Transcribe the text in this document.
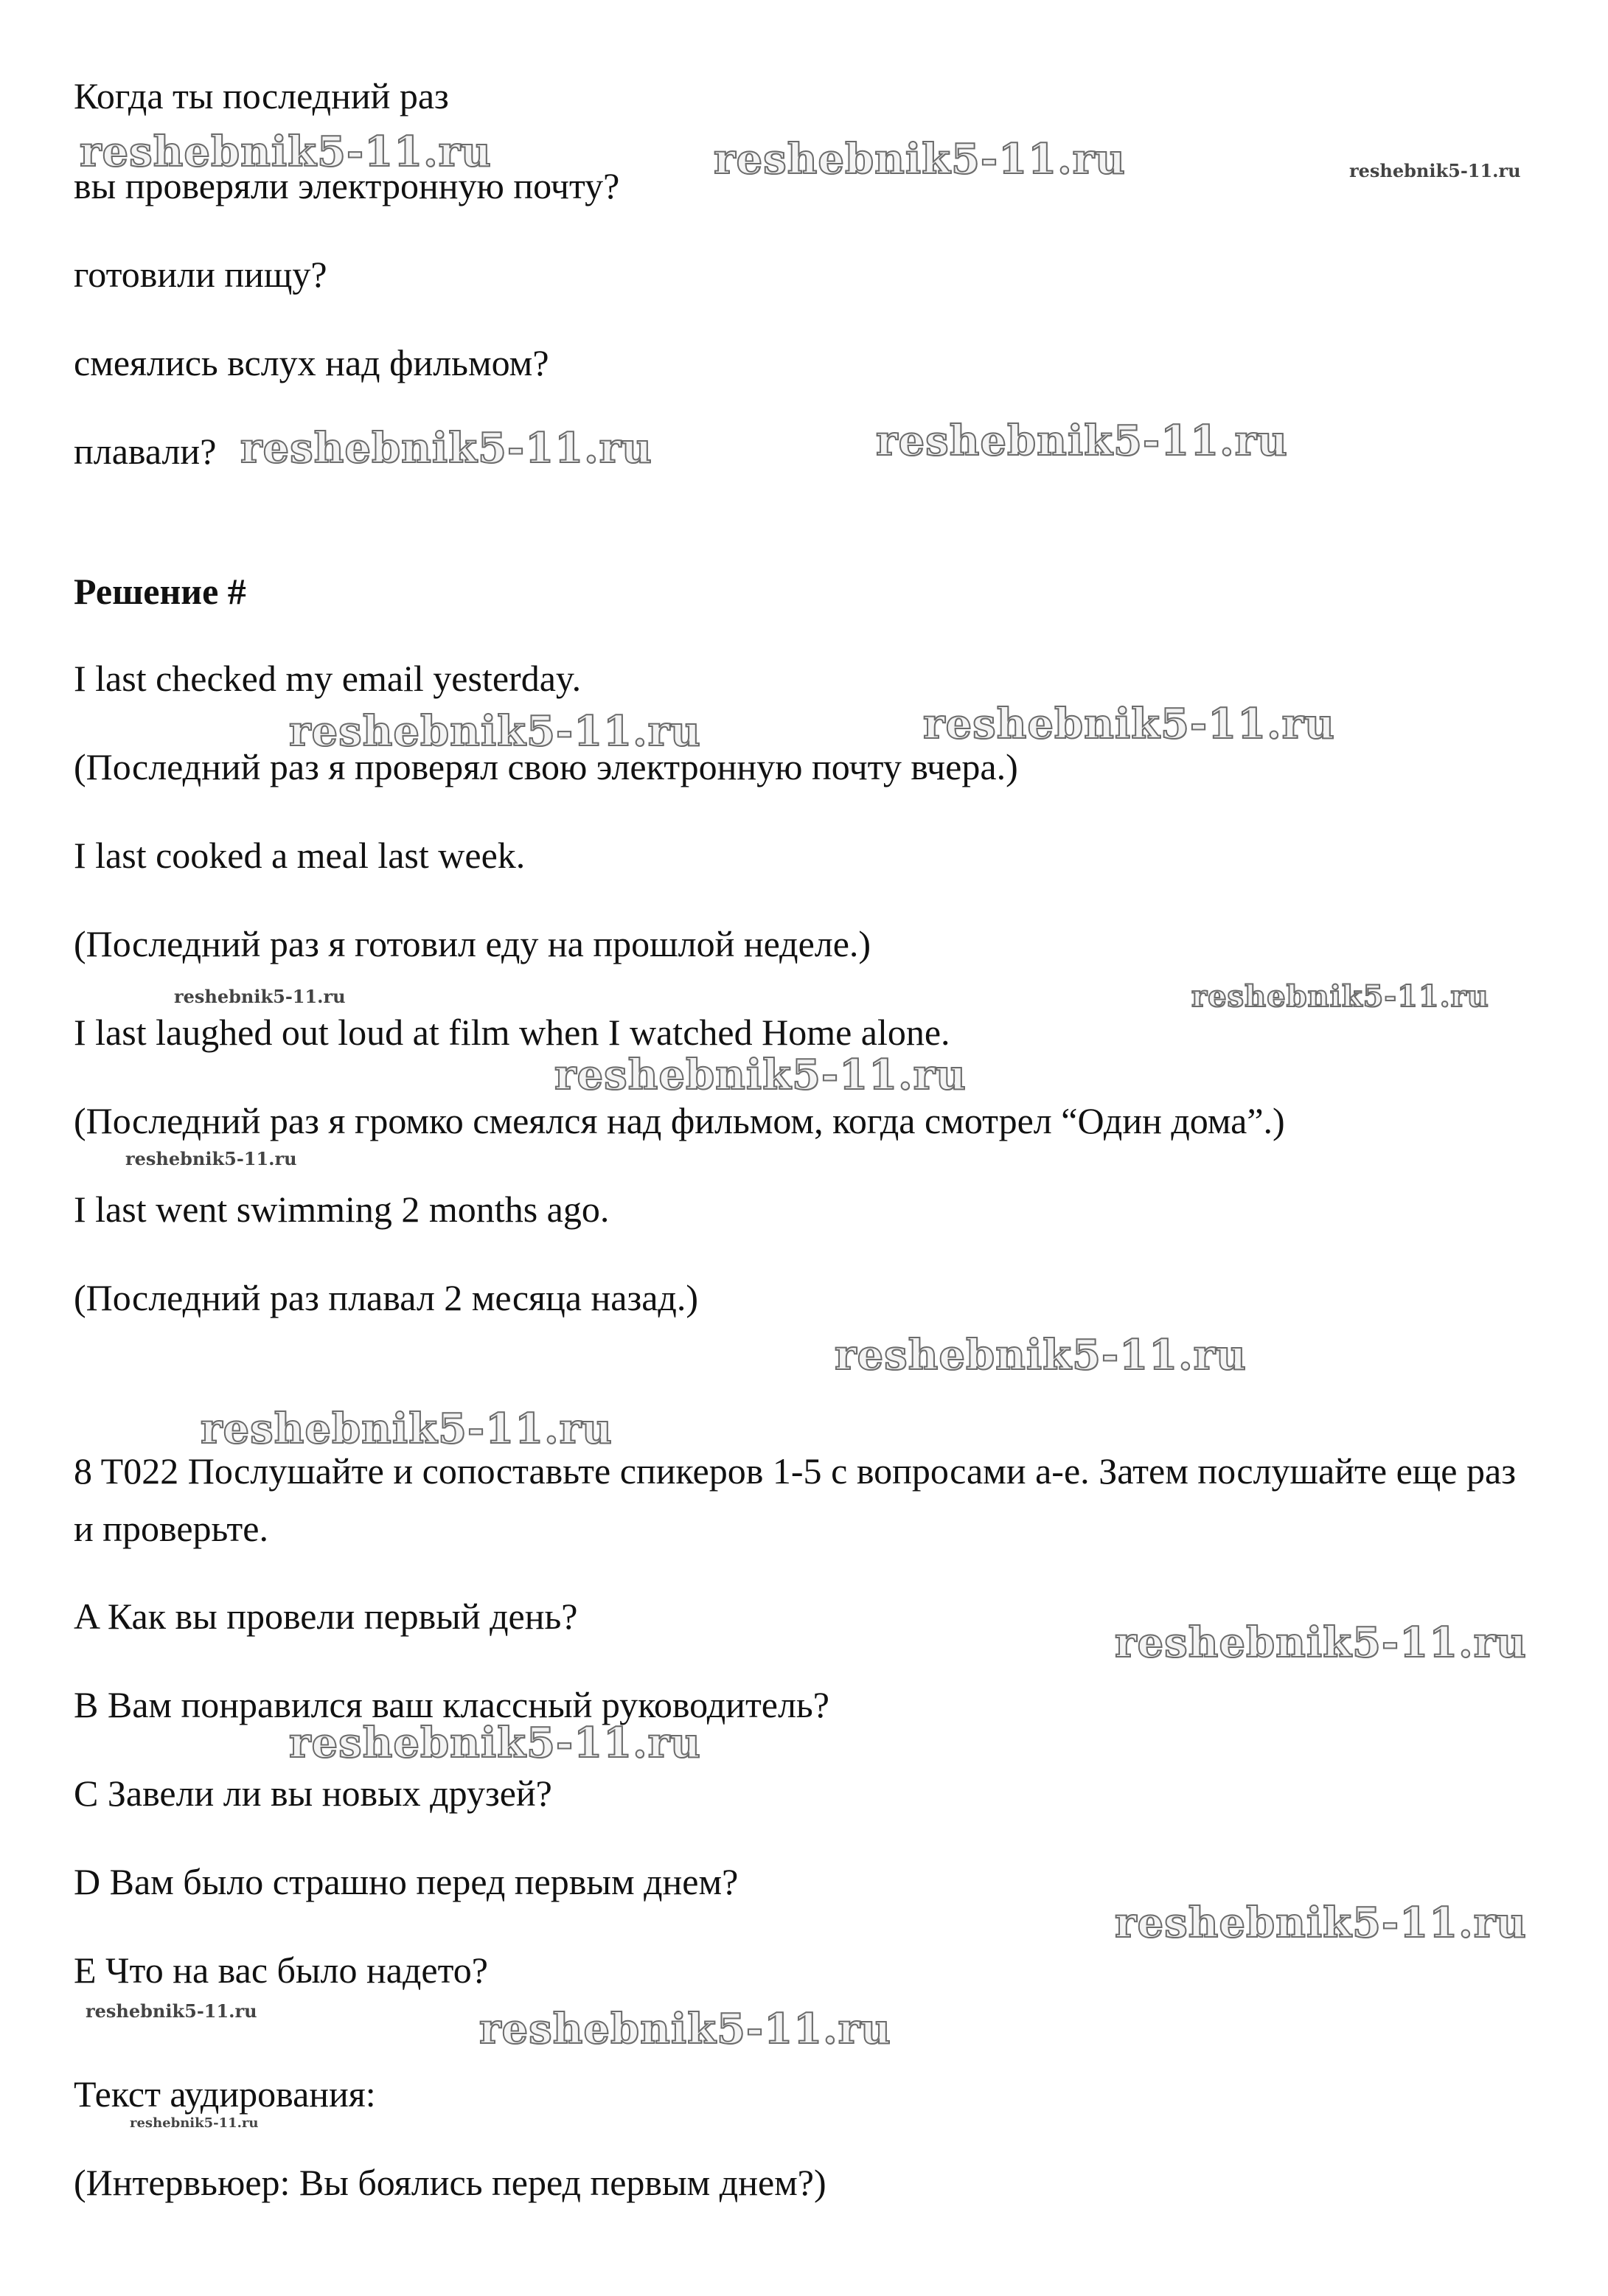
Когда ты последний раз

вы проверяли электронную почту?

готовили пищу?

смеялись вслух над фильмом?

плавали?

Решение #

I last checked my email yesterday.

(Последний раз я проверял свою электронную почту вчера.)

I last cooked a meal last week.

(Последний раз я готовил еду на прошлой неделе.)

I last laughed out loud at film when I watched Home alone.

(Последний раз я громко смеялся над фильмом, когда смотрел “Один дома”.)

I last went swimming 2 months ago.

(Последний раз плавал 2 месяца назад.)

8 T022 Послушайте и сопоставьте спикеров 1-5 с вопросами a-e. Затем послушайте еще раз и проверьте.

A Как вы провели первый день?

B Вам понравился ваш классный руководитель?

C Завели ли вы новых друзей?

D Вам было страшно перед первым днем?

E Что на вас было надето?

Текст аудирования:

(Интервьюер: Вы боялись перед первым днем?)

reshebnik5-11.ru	reshebnik5-11.ru	reshebnik5-11.ru
reshebnik5-11.ru	reshebnik5-11.ru
reshebnik5-11.ru	reshebnik5-11.ru
reshebnik5-11.ru	reshebnik5-11.ru
reshebnik5-11.ru
reshebnik5-11.ru
reshebnik5-11.ru
reshebnik5-11.ru
reshebnik5-11.ru
reshebnik5-11.ru
reshebnik5-11.ru
reshebnik5-11.ru	reshebnik5-11.ru
reshebnik5-11.ru
